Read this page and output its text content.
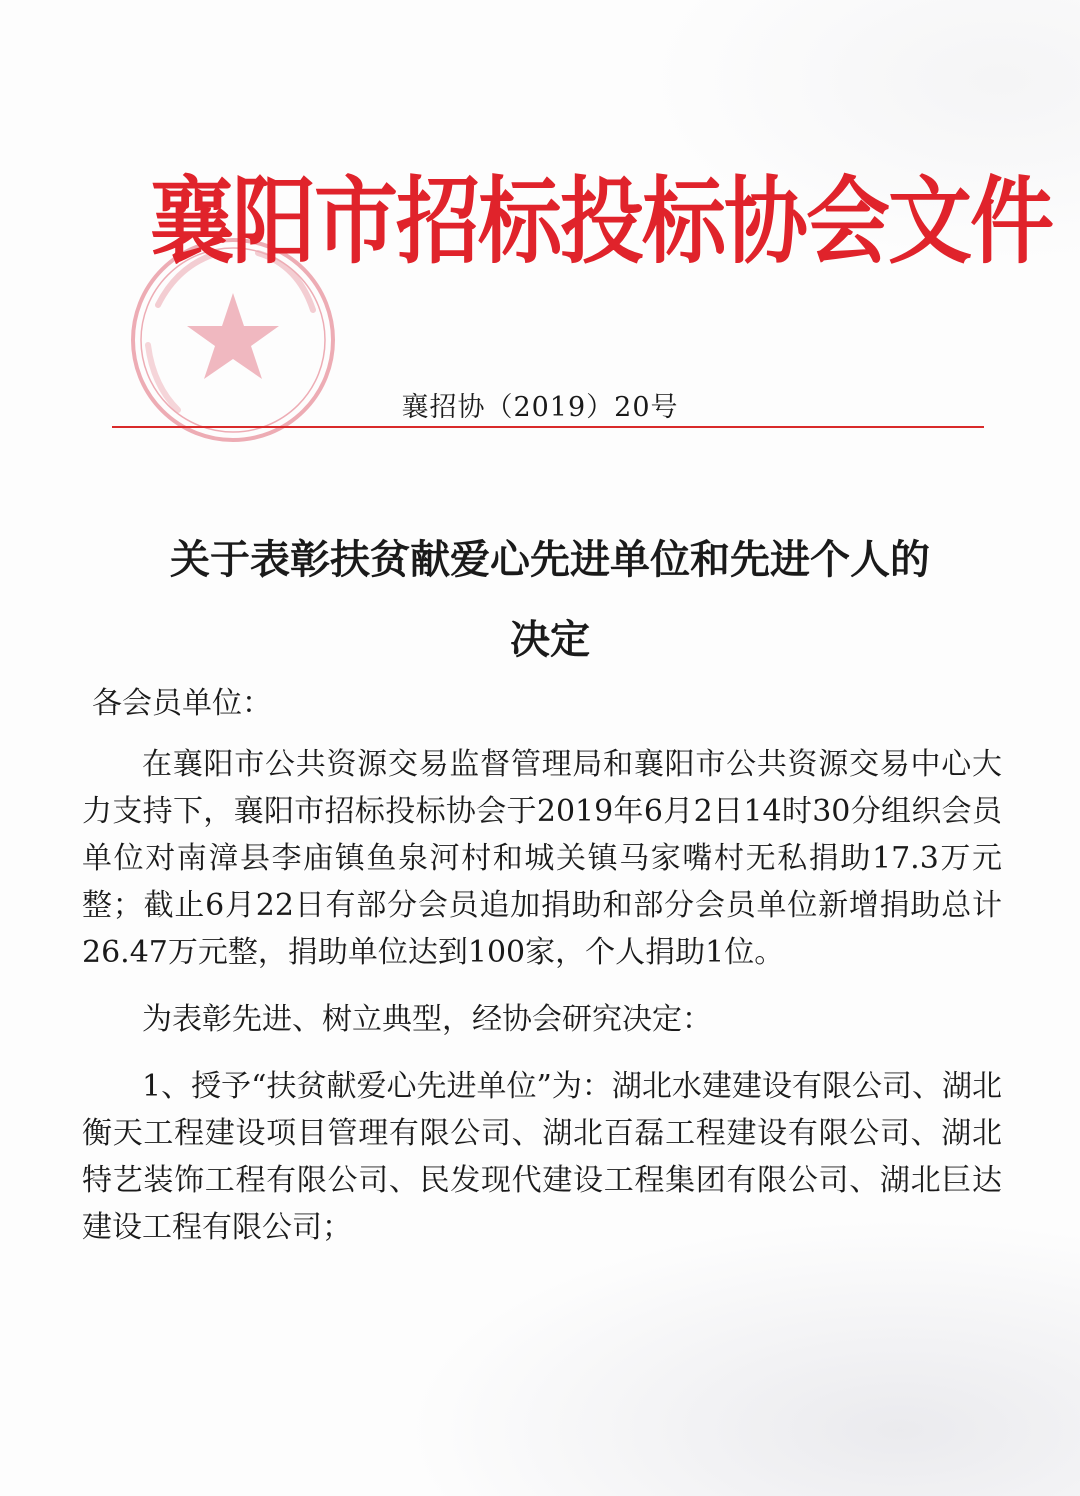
襄阳市招标投标协会文件
襄招协（2019）20号
关于表彰扶贫献爱心先进单位和先进个人的
决定

各会员单位：

在襄阳市公共资源交易监督管理局和襄阳市公共资源交易中心大力支持下，襄阳市招标投标协会于2019年6月2日14时30分组织会员单位对南漳县李庙镇鱼泉河村和城关镇马家嘴村无私捐助17.3万元整；截止6月22日有部分会员追加捐助和部分会员单位新增捐助总计26.47万元整，捐助单位达到100家，个人捐助1位。

为表彰先进、树立典型，经协会研究决定：

1、授予“扶贫献爱心先进单位”为：湖北水建建设有限公司、湖北衡天工程建设项目管理有限公司、湖北百磊工程建设有限公司、湖北特艺装饰工程有限公司、民发现代建设工程集团有限公司、湖北巨达建设工程有限公司；
